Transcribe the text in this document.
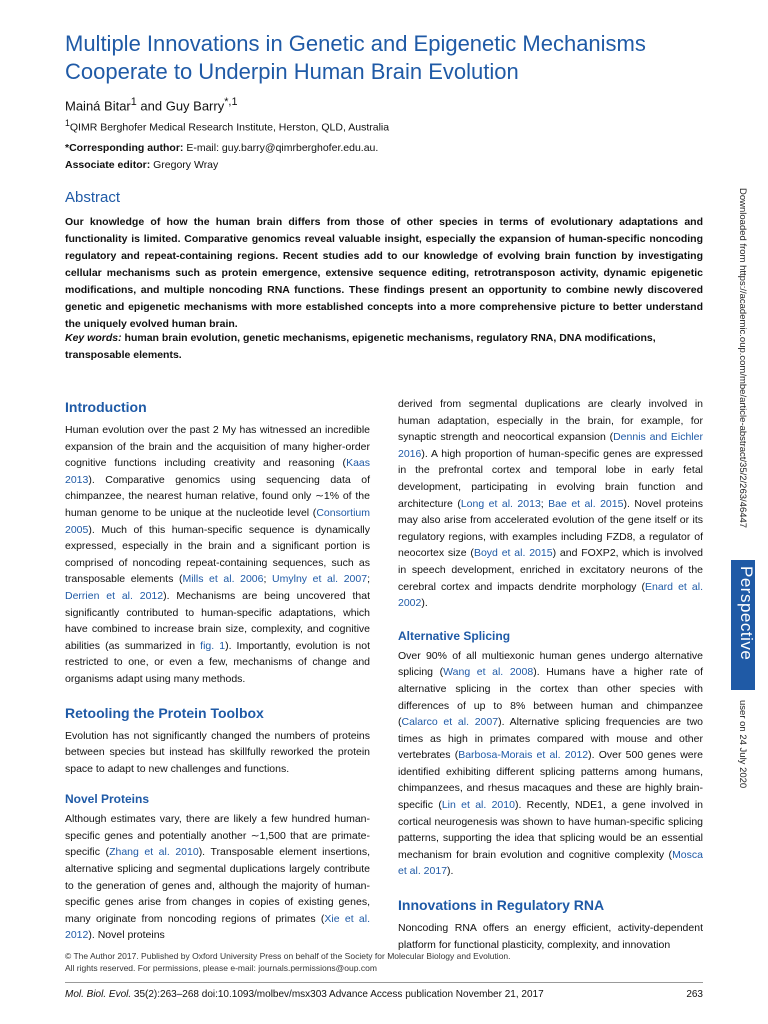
Multiple Innovations in Genetic and Epigenetic Mechanisms Cooperate to Underpin Human Brain Evolution
Mainá Bitar$^1$ and Guy Barry$^{*,1}$
$^1$QIMR Berghofer Medical Research Institute, Herston, QLD, Australia
*Corresponding author: E-mail: guy.barry@qimrberghofer.edu.au.
Associate editor: Gregory Wray
Abstract
Our knowledge of how the human brain differs from those of other species in terms of evolutionary adaptations and functionality is limited. Comparative genomics reveal valuable insight, especially the expansion of human-specific noncoding regulatory and repeat-containing regions. Recent studies add to our knowledge of evolving brain function by investigating cellular mechanisms such as protein emergence, extensive sequence editing, retrotransposon activity, dynamic epigenetic modifications, and multiple noncoding RNA functions. These findings present an opportunity to combine newly discovered genetic and epigenetic mechanisms with more established concepts into a more comprehensive picture to better understand the uniquely evolved human brain.
Key words: human brain evolution, genetic mechanisms, epigenetic mechanisms, regulatory RNA, DNA modifications, transposable elements.
Introduction

Human evolution over the past 2 My has witnessed an incredible expansion of the brain and the acquisition of many higher-order cognitive functions including creativity and reasoning (Kaas 2013). Comparative genomics using sequencing data of chimpanzee, the nearest human relative, found only ∼1% of the human genome to be unique at the nucleotide level (Consortium 2005). Much of this human-specific sequence is dynamically expressed, especially in the brain and a significant portion is comprised of noncoding repeat-containing sequences, such as transposable elements (Mills et al. 2006; Umylny et al. 2007; Derrien et al. 2012). Mechanisms are being uncovered that significantly contributed to human-specific adaptations, which have combined to increase brain size, complexity, and cognitive abilities (as summarized in fig. 1). Importantly, evolution is not restricted to one, or even a few, mechanisms of change and organisms adapt using many methods.

Retooling the Protein Toolbox

Evolution has not significantly changed the numbers of proteins between species but instead has skillfully reworked the protein space to adapt to new challenges and functions.

Novel Proteins

Although estimates vary, there are likely a few hundred human-specific genes and potentially another ∼1,500 that are primate-specific (Zhang et al. 2010). Transposable element insertions, alternative splicing and segmental duplications largely contribute to the generation of genes and, although the majority of human-specific genes arise from changes in copies of existing genes, many originate from noncoding regions of primates (Xie et al. 2012). Novel proteins

derived from segmental duplications are clearly involved in human adaptation, especially in the brain, for example, for synaptic strength and neocortical expansion (Dennis and Eichler 2016). A high proportion of human-specific genes are expressed in the prefrontal cortex and temporal lobe in early fetal development, participating in evolving brain function and architecture (Long et al. 2013; Bae et al. 2015). Novel proteins may also arise from accelerated evolution of the gene itself or its regulatory regions, with examples including FZD8, a regulator of neocortex size (Boyd et al. 2015) and FOXP2, which is involved in speech development, enriched in excitatory neurons of the cerebral cortex and impacts dendrite morphology (Enard et al. 2002).

Alternative Splicing

Over 90% of all multiexonic human genes undergo alternative splicing (Wang et al. 2008). Humans have a higher rate of alternative splicing in the cortex than other species with differences of up to 8% between human and chimpanzee (Calarco et al. 2007). Alternative splicing frequencies are two times as high in primates compared with mouse and other vertebrates (Barbosa-Morais et al. 2012). Over 500 genes were identified exhibiting different splicing patterns among humans, chimpanzees, and rhesus macaques and these are highly brain-specific (Lin et al. 2010). Recently, NDE1, a gene involved in cortical neurogenesis was shown to have human-specific splicing patterns, supporting the idea that splicing would be an essential mechanism for brain evolution and cognitive complexity (Mosca et al. 2017).

Innovations in Regulatory RNA

Noncoding RNA offers an energy efficient, activity-dependent platform for functional plasticity, complexity, and innovation

Downloaded from https://academic.oup.com/mbe/article-abstract/35/2/263/46447
Perspective
user on 24 July 2020
© The Author 2017. Published by Oxford University Press on behalf of the Society for Molecular Biology and Evolution.
All rights reserved. For permissions, please e-mail: journals.permissions@oup.com
Mol. Biol. Evol. 35(2):263–268 doi:10.1093/molbev/msx303 Advance Access publication November 21, 2017	263
